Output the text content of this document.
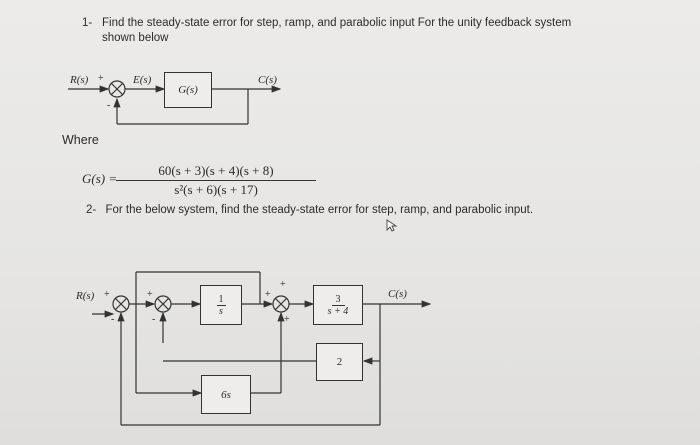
1- Find the steady-state error for step, ramp, and parabolic input For the unity feedback system shown below
R(s) +
-
E(s)
G(s)
C(s)
Where
G(s) =
$\frac{60(s + 3)(s + 4)(s + 8)}{\text{s²(s + 6)(s + 17)}}$
2- For the below system, find the steady-state error for step, ramp, and parabolic input.
R(s) +
-
+
-
+
+
+
$\frac{1}{s}$	$\frac{3}{s + 4} C(s)$
2
6s
